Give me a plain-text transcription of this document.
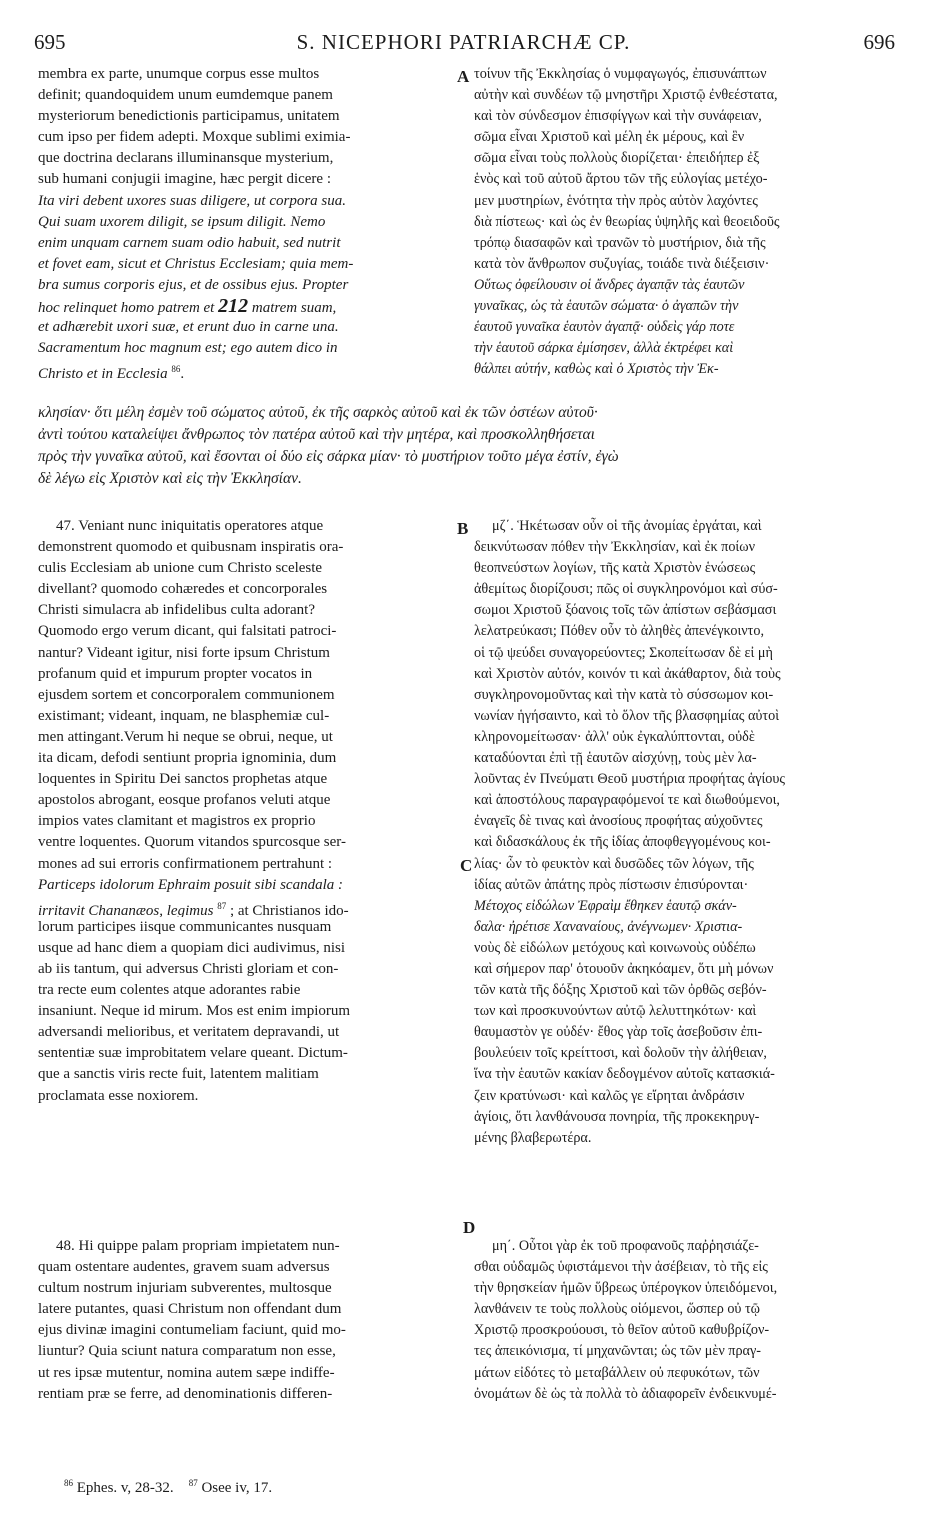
695	S. NICEPHORI PATRIARCHÆ CP.	696
A
B
C
D
membra ex parte, unumque corpus esse multos
definit; quandoquidem unum eumdemque panem
mysteriorum benedictionis participamus, unitatem
cum ipso per fidem adepti. Moxque sublimi eximia-
que doctrina declarans illuminansque mysterium,
sub humani conjugii imagine, hæc pergit dicere :
Ita viri debent uxores suas diligere, ut corpora sua.
Qui suam uxorem diligit, se ipsum diligit. Nemo
enim unquam carnem suam odio habuit, sed nutrit
et fovet eam, sicut et Christus Ecclesiam; quia mem-
bra sumus corporis ejus, et de ossibus ejus. Propter
hoc relinquet homo patrem et 212 matrem suam,
et adhærebit uxori suæ, et erunt duo in carne una.
Sacramentum hoc magnum est; ego autem dico in
Christo et in Ecclesia $^{86}$.
τοίνυν τῆς Ἐκκλησίας ὁ νυμφαγωγός, ἐπισυνάπτων
αὐτὴν καὶ συνδέων τῷ μνηστῆρι Χριστῷ ἐνθεέστατα,
καὶ τὸν σύνδεσμον ἐπισφίγγων καὶ τὴν συνάφειαν,
σῶμα εἶναι Χριστοῦ καὶ μέλη ἐκ μέρους, καὶ ἓν
σῶμα εἶναι τοὺς πολλοὺς διορίζεται· ἐπειδήπερ ἐξ
ἑνὸς καὶ τοῦ αὐτοῦ ἄρτου τῶν τῆς εὐλογίας μετέχο-
μεν μυστηρίων, ἑνότητα τὴν πρὸς αὐτὸν λαχόντες
διὰ πίστεως· καὶ ὡς ἐν θεωρίας ὑψηλῆς καὶ θεοειδοῦς
τρόπῳ διασαφῶν καὶ τρανῶν τὸ μυστήριον, διὰ τῆς
κατὰ τὸν ἄνθρωπον συζυγίας, τοιάδε τινὰ διέξεισιν·
Οὕτως ὀφείλουσιν οἱ ἄνδρες ἀγαπᾷν τὰς ἑαυτῶν
γυναῖκας, ὡς τὰ ἑαυτῶν σώματα· ὁ ἀγαπῶν τὴν
ἑαυτοῦ γυναῖκα ἑαυτὸν ἀγαπᾷ· οὐδεὶς γάρ ποτε
τὴν ἑαυτοῦ σάρκα ἐμίσησεν, ἀλλὰ ἐκτρέφει καὶ
θάλπει αὐτήν, καθὼς καὶ ὁ Χριστὸς τὴν Ἐκ-
κλησίαν· ὅτι μέλη ἐσμὲν τοῦ σώματος αὐτοῦ, ἐκ τῆς σαρκὸς αὐτοῦ καὶ ἐκ τῶν ὀστέων αὐτοῦ·
ἀντὶ τούτου καταλείψει ἄνθρωπος τὸν πατέρα αὐτοῦ καὶ τὴν μητέρα, καὶ προσκολληθήσεται
πρὸς τὴν γυναῖκα αὐτοῦ, καὶ ἔσονται οἱ δύο εἰς σάρκα μίαν· τὸ μυστήριον τοῦτο μέγα ἐστίν, ἐγὼ
δὲ λέγω εἰς Χριστὸν καὶ εἰς τὴν Ἐκκλησίαν.
47. Veniant nunc iniquitatis operatores atque
demonstrent quomodo et quibusnam inspiratis ora-
culis Ecclesiam ab unione cum Christo sceleste
divellant? quomodo cohæredes et concorporales
Christi simulacra ab infidelibus culta adorant?
Quomodo ergo verum dicant, qui falsitati patroci-
nantur? Videant igitur, nisi forte ipsum Christum
profanum quid et impurum propter vocatos in
ejusdem sortem et concorporalem communionem
existimant; videant, inquam, ne blasphemiæ cul-
men attingant.Verum hi neque se obrui, neque, ut
ita dicam, defodi sentiunt propria ignominia, dum
loquentes in Spiritu Dei sanctos prophetas atque
apostolos abrogant, eosque profanos veluti atque
impios vates clamitant et magistros ex proprio
ventre loquentes. Quorum vitandos spurcosque ser-
mones ad sui erroris confirmationem pertrahunt :
Particeps idolorum Ephraim posuit sibi scandala :
irritavit Chananæos, legimus $^{87}$ ; at Christianos ido-
lorum participes iisque communicantes nusquam
usque ad hanc diem a quopiam dici audivimus, nisi
ab iis tantum, qui adversus Christi gloriam et con-
tra recte eum colentes atque adorantes rabie
insaniunt. Neque id mirum. Mos est enim impiorum
adversandi melioribus, et veritatem depravandi, ut
sententiæ suæ improbitatem velare queant. Dictum-
que a sanctis viris recte fuit, latentem malitiam
proclamata esse noxiorem.
μζ΄. Ἡκέτωσαν οὖν οἱ τῆς ἀνομίας ἐργάται, καὶ
δεικνύτωσαν πόθεν τὴν Ἐκκλησίαν, καὶ ἐκ ποίων
θεοπνεύστων λογίων, τῆς κατὰ Χριστὸν ἑνώσεως
ἀθεμίτως διορίζουσι; πῶς οἱ συγκληρονόμοι καὶ σύσ-
σωμοι Χριστοῦ ξόανοις τοῖς τῶν ἀπίστων σεβάσμασι
λελατρεύκασι; Πόθεν οὖν τὸ ἀληθὲς ἀπενέγκοιντο,
οἱ τῷ ψεύδει συναγορεύοντες; Σκοπείτωσαν δὲ εἰ μὴ
καὶ Χριστὸν αὐτόν, κοινόν τι καὶ ἀκάθαρτον, διὰ τοὺς
συγκληρονομοῦντας καὶ τὴν κατὰ τὸ σύσσωμον κοι-
νωνίαν ἡγήσαιντο, καὶ τὸ ὅλον τῆς βλασφημίας αὐτοὶ
κληρονομείτωσαν· ἀλλ' οὐκ ἐγκαλύπτονται, οὐδὲ
καταδύονται ἐπὶ τῇ ἑαυτῶν αἰσχύνῃ, τοὺς μὲν λα-
λοῦντας ἐν Πνεύματι Θεοῦ μυστήρια προφήτας ἁγίους
καὶ ἀποστόλους παραγραφόμενοί τε καὶ διωθούμενοι,
ἐναγεῖς δὲ τινας καὶ ἀνοσίους προφήτας αὐχοῦντες
καὶ διδασκάλους ἐκ τῆς ἰδίας ἀποφθεγγομένους κοι-
λίας· ὧν τὸ φευκτὸν καὶ δυσῶδες τῶν λόγων, τῆς
ἰδίας αὐτῶν ἀπάτης πρὸς πίστωσιν ἐπισύρονται·
Μέτοχος εἰδώλων Ἐφραὶμ ἔθηκεν ἑαυτῷ σκάν-
δαλα· ἠρέτισε Χαναναίους, ἀνέγνωμεν· Χριστια-
νοὺς δὲ εἰδώλων μετόχους καὶ κοινωνοὺς οὐδέπω
καὶ σήμερον παρ' ὁτουοῦν ἀκηκόαμεν, ὅτι μὴ μόνων
τῶν κατὰ τῆς δόξης Χριστοῦ καὶ τῶν ὀρθῶς σεβόν-
των καὶ προσκυνούντων αὐτῷ λελυττηκότων· καὶ
θαυμαστὸν γε οὐδέν· ἔθος γὰρ τοῖς ἀσεβοῦσιν ἐπι-
βουλεύειν τοῖς κρείττοσι, καὶ δολοῦν τὴν ἀλήθειαν,
ἵνα τὴν ἑαυτῶν κακίαν δεδογμένον αὐτοῖς κατασκιά-
ζειν κρατύνωσι· καὶ καλῶς γε εἴρηται ἀνδράσιν
ἁγίοις, ὅτι λανθάνουσα πονηρία, τῆς προκεκηρυγ-
μένης βλαβερωτέρα.
48. Hi quippe palam propriam impietatem nun-
quam ostentare audentes, gravem suam adversus
cultum nostrum injuriam subverentes, multosque
latere putantes, quasi Christum non offendant dum
ejus divinæ imagini contumeliam faciunt, quid mo-
liuntur? Quia sciunt natura comparatum non esse,
ut res ipsæ mutentur, nomina autem sæpe indiffe-
rentiam præ se ferre, ad denominationis differen-
μη΄. Οὗτοι γὰρ ἐκ τοῦ προφανοῦς παῤῥησιάζε-
σθαι οὐδαμῶς ὑφιστάμενοι τὴν ἀσέβειαν, τὸ τῆς εἰς
τὴν θρησκείαν ἡμῶν ὕβρεως ὑπέρογκον ὑπειδόμενοι,
λανθάνειν τε τοὺς πολλοὺς οἰόμενοι, ὥσπερ οὐ τῷ
Χριστῷ προσκρούουσι, τὸ θεῖον αὐτοῦ καθυβρίζον-
τες ἀπεικόνισμα, τί μηχανῶνται; ὡς τῶν μὲν πραγ-
μάτων εἰδότες τὸ μεταβάλλειν οὐ πεφυκότων, τῶν
ὀνομάτων δὲ ὡς τὰ πολλὰ τὸ ἀδιαφορεῖν ἐνδεικνυμέ-
$^{86}$ Ephes. v, 28-32. $^{87}$ Osee iv, 17.
